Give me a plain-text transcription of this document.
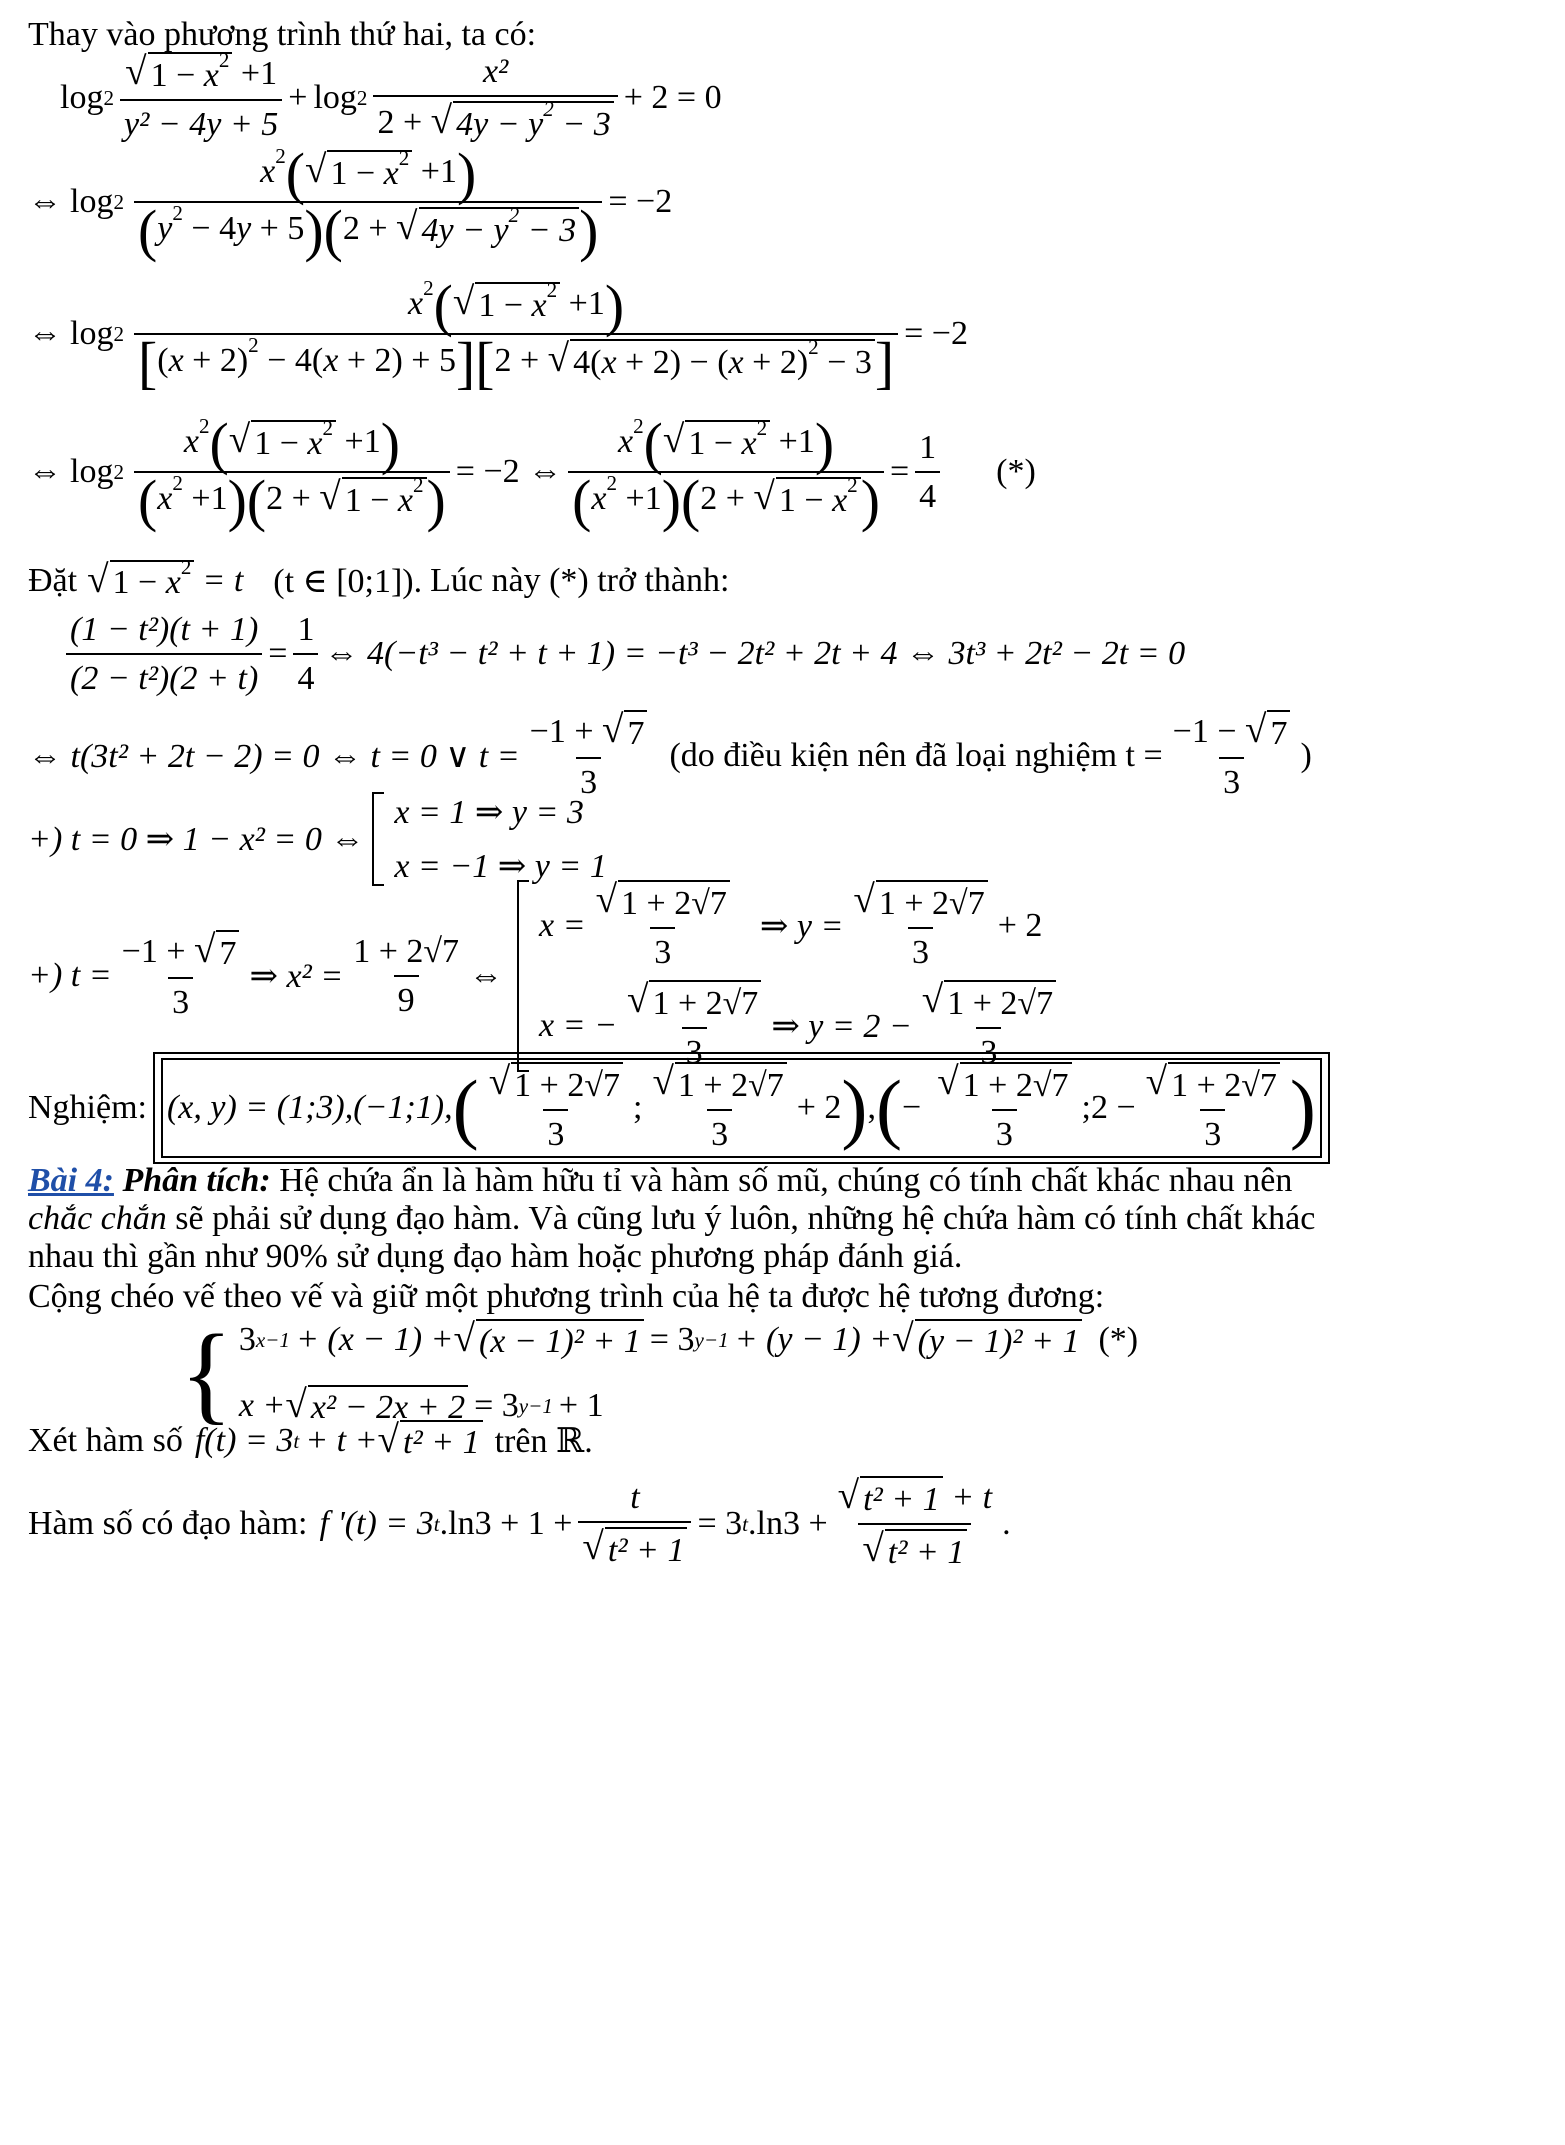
Thay vào phương trình thứ hai, ta có:
$\log 2 \frac{√ 1 - x^2 +1}{\text{y² − 4y + 5}} + \log 2 \frac{\text{x²}}{2 + √ 4y - y^2 - 3} + 2 = 0$
⇔ $\log 2 \frac{x^2( √ 1 - x^2 +1)}{(y^2 - 4y + 5)(2 + √ 4y - y^2 - 3 )} = -2$
⇔ $\log 2 \frac{x^2( √ 1 - x^2 +1)}{[(x + 2)^2 - 4(x + 2) + 5][2 + √ 4(x + 2) - (x + 2)^2 - 3 ]} = -2$
⇔ $\log 2 \frac{x^2( √ 1 - x^2 +1)}{(x^2 +1)(2 + √ 1 - x^2 )} = -2$ ⇔ $\frac{x^2( √ 1 - x^2 +1)}{(x^2 +1)(2 + √ 1 - x^2 )} = \frac{1}{4}$ (*)
Đặt √ $1 - x^2 = t$ (t ∈ [0;1]). Lúc này (*) trở thành:
$\frac{\text{(1 − t²)(t + 1)}}{\text{(2 − t²)(2 + t)}} = \frac{1}{4}$ ⇔ 4(−t³ − t² + t + 1) = −t³ − 2t² + 2t + 4 ⇔ 3t³ + 2t² − 2t = 0
⇔ t(3t² + 2t − 2) = 0 ⇔ t = 0 ∨ $t = \frac{-1 + √ 7}{3} (do$ điều kiện nên đã loại nghiệm $t = \frac{-1 - √ 7}{3}$ )
+) t = 0 ⇒ 1 − x² = 0 ⇔
x = 1 ⇒ y = 3
x = −1 ⇒ y = 1
+) $t = \frac{-1 + √ 7}{3}$ ⇒ $x^2 = \frac{1 + 2√7}{9}$ ⇔
$x = \frac{√ 1 + 2√7}{3}$ ⇒ $y = \frac{√ 1 + 2√7}{3} + 2$
x = − $\frac{√ 1 + 2√7}{3}$ ⇒ $y = 2 - \frac{√ 1 + 2√7}{3}$
Nghiệm: (x, y) = (1;3),(−1;1), ( $\frac{√ 1 + 2√7}{3}$ ; $\frac{√ 1 + 2√7}{3} + 2$ ) , ( − $\frac{√ 1 + 2√7}{3}$ ;2 − $\frac{√ 1 + 2√7}{3}$ )
Bài 4: Phân tích: Hệ chứa ẩn là hàm hữu tỉ và hàm số mũ, chúng có tính chất khác nhau nên
chắc chắn sẽ phải sử dụng đạo hàm. Và cũng lưu ý luôn, những hệ chứa hàm có tính chất khác
nhau thì gần như 90% sử dụng đạo hàm hoặc phương pháp đánh giá.
Cộng chéo vế theo vế và giữ một phương trình của hệ ta được hệ tương đương:
{ 3 x−1 + (x − 1) + √ (x − 1)² + 1 = 3 y−1 + (y − 1) + √ (y − 1)² + 1 (*)
x + √ x² − 2x + 2 = 3 y−1 + 1
Xét hàm số f(t) = 3 t + t + √ t² + 1 trên ℝ.
Hàm số có đạo hàm: f '(t) = 3 t $.\ln 3 + 1 + \frac{t}{\text{√ t² + 1}} = 3$ t $.\ln 3 + \frac{\text{√ t² + 1 + t}}{\text{√ t² + 1}}$ .
